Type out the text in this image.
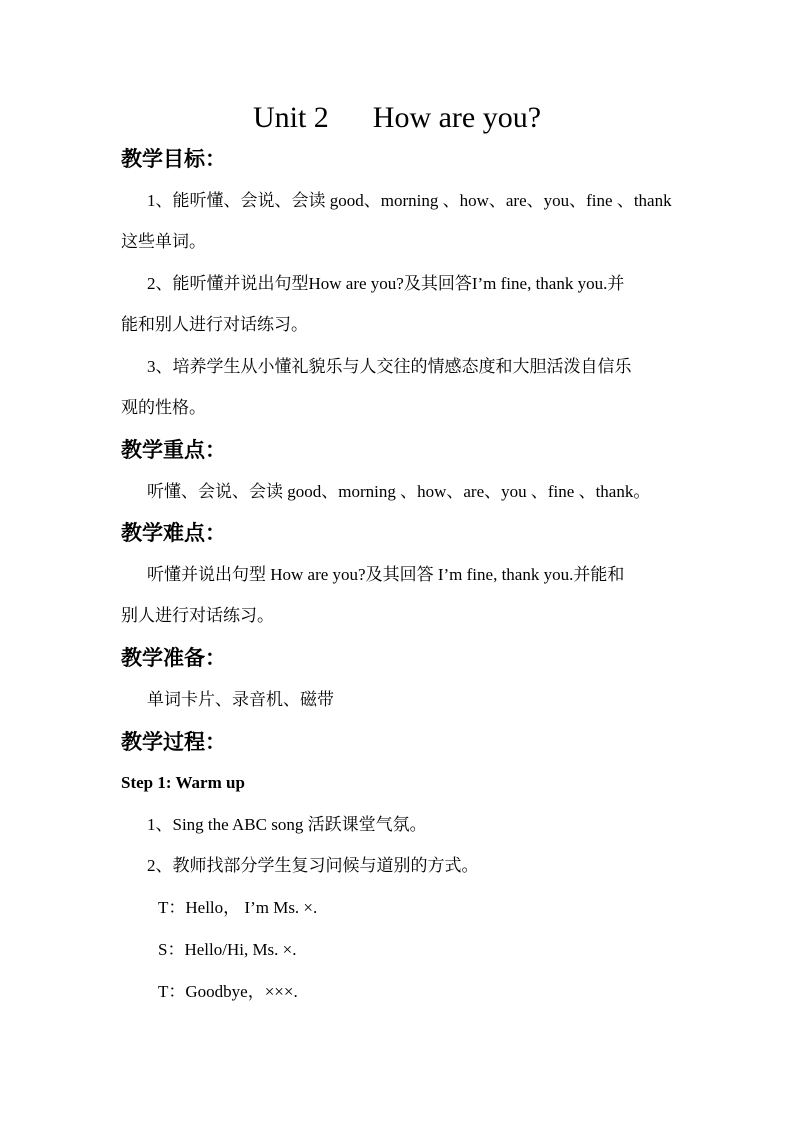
Unit 2 How are you?
教学目标：
1、能听懂、会说、会读 good、morning 、how、are、you、fine 、thank
这些单词。
2、能听懂并说出句型How are you?及其回答I’m fine, thank you.并
能和别人进行对话练习。
3、培养学生从小懂礼貌乐与人交往的情感态度和大胆活泼自信乐
观的性格。
教学重点：
听懂、会说、会读 good、morning 、how、are、you 、fine 、thank。
教学难点：
听懂并说出句型 How are you?及其回答 I’m fine, thank you.并能和
别人进行对话练习。
教学准备：
单词卡片、录音机、磁带
教学过程：
Step 1: Warm up
1、Sing the ABC song 活跃课堂气氛。
2、教师找部分学生复习问候与道别的方式。
T：Hello， I’m Ms. ×.
S：Hello/Hi, Ms. ×.
T：Goodbye，×××.
